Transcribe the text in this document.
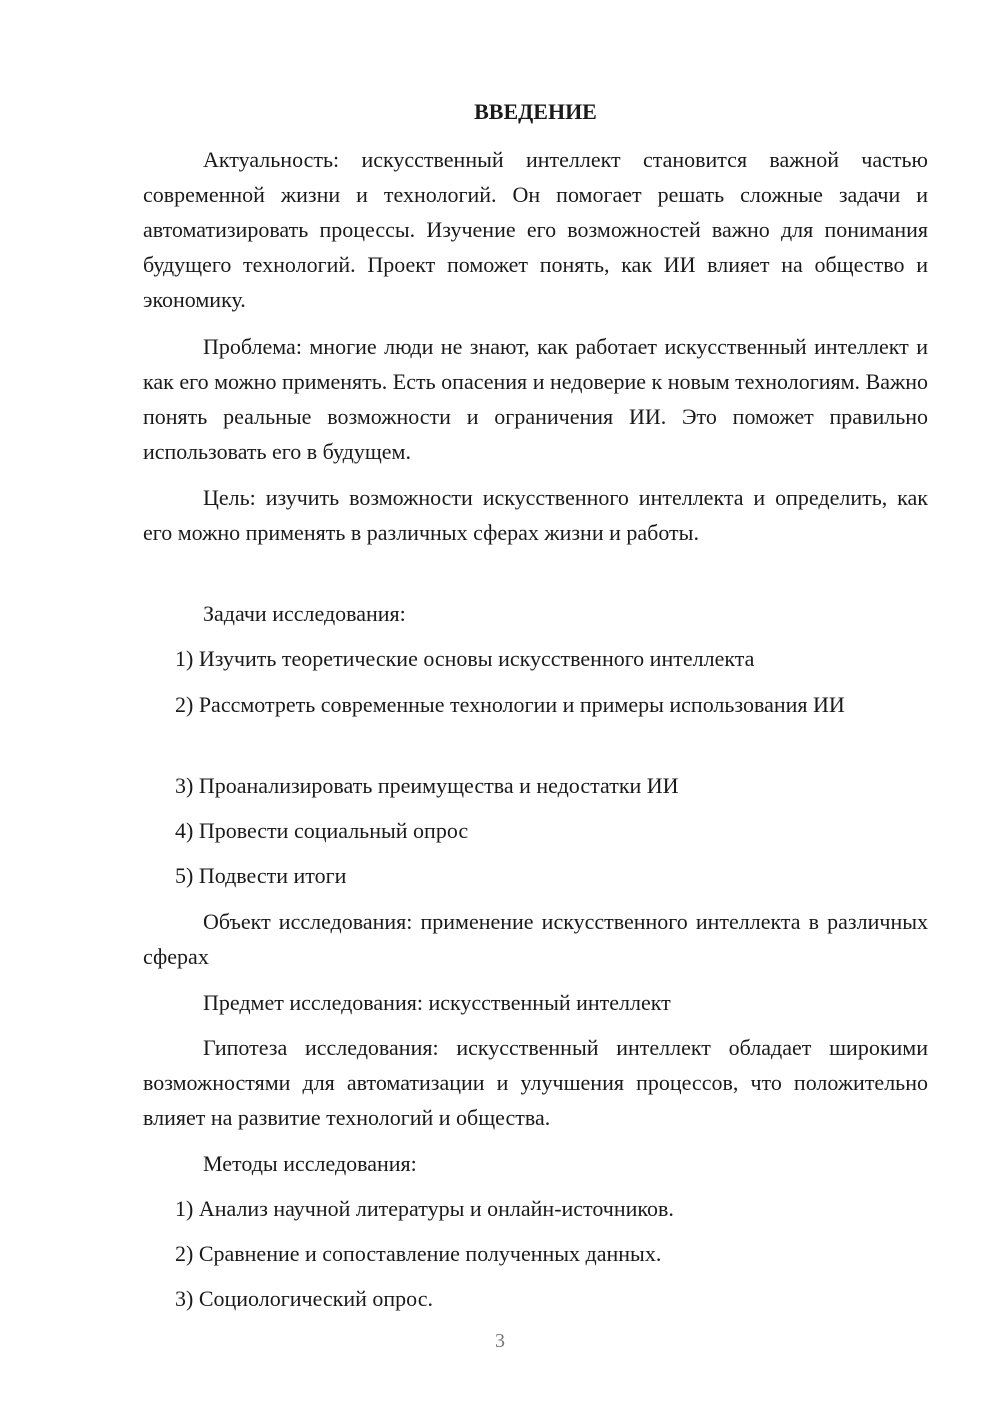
ВВЕДЕНИЕ

Актуальность: искусственный интеллект становится важной частью современной жизни и технологий. Он помогает решать сложные задачи и автоматизировать процессы. Изучение его возможностей важно для понимания будущего технологий. Проект поможет понять, как ИИ влияет на общество и экономику.

Проблема: многие люди не знают, как работает искусственный интеллект и как его можно применять. Есть опасения и недоверие к новым технологиям. Важно понять реальные возможности и ограничения ИИ. Это поможет правильно использовать его в будущем.

Цель: изучить возможности искусственного интеллекта и определить, как его можно применять в различных сферах жизни и работы.

Задачи исследования:

1) Изучить теоретические основы искусственного интеллекта

2) Рассмотреть современные технологии и примеры использования ИИ

3) Проанализировать преимущества и недостатки ИИ

4) Провести социальный опрос

5) Подвести итоги

Объект исследования: применение искусственного интеллекта в различных сферах

Предмет исследования: искусственный интеллект

Гипотеза исследования: искусственный интеллект обладает широкими возможностями для автоматизации и улучшения процессов, что положительно влияет на развитие технологий и общества.

Методы исследования:

1) Анализ научной литературы и онлайн-источников.

2) Сравнение и сопоставление полученных данных.

3) Социологический опрос.

3
